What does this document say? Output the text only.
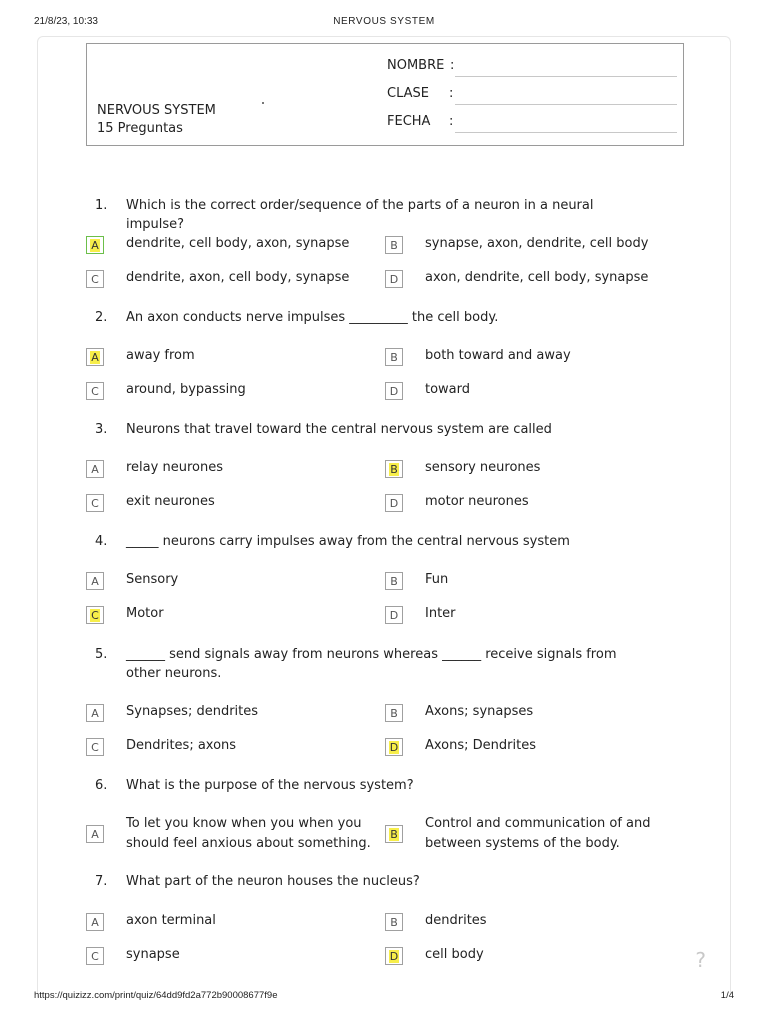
21/8/23, 10:33	NERVOUS SYSTEM
NERVOUS SYSTEM
15 Preguntas
NOMBRE :
CLASE :
FECHA :
1. Which is the correct order/sequence of the parts of a neuron in a neural impulse?
A dendrite, cell body, axon, synapse	B synapse, axon, dendrite, cell body
C dendrite, axon, cell body, synapse	D axon, dendrite, cell body, synapse
2. An axon conducts nerve impulses _________ the cell body.
A away from	B both toward and away
C around, bypassing	D toward
3. Neurons that travel toward the central nervous system are called
A relay neurones	B sensory neurones
C exit neurones	D motor neurones
4. _____ neurons carry impulses away from the central nervous system
A Sensory	B Fun
C Motor	D Inter
5. ______ send signals away from neurons whereas ______ receive signals from other neurons.
A Synapses; dendrites	B Axons; synapses
C Dendrites; axons	D Axons; Dendrites
6. What is the purpose of the nervous system?
A
To let you know when you when you should feel anxious about something.
B
Control and communication of and between systems of the body.
7. What part of the neuron houses the nucleus?
A axon terminal	B dendrites
C synapse	D cell body	?
https://quizizz.com/print/quiz/64dd9fd2a772b90008677f9e	1/4
